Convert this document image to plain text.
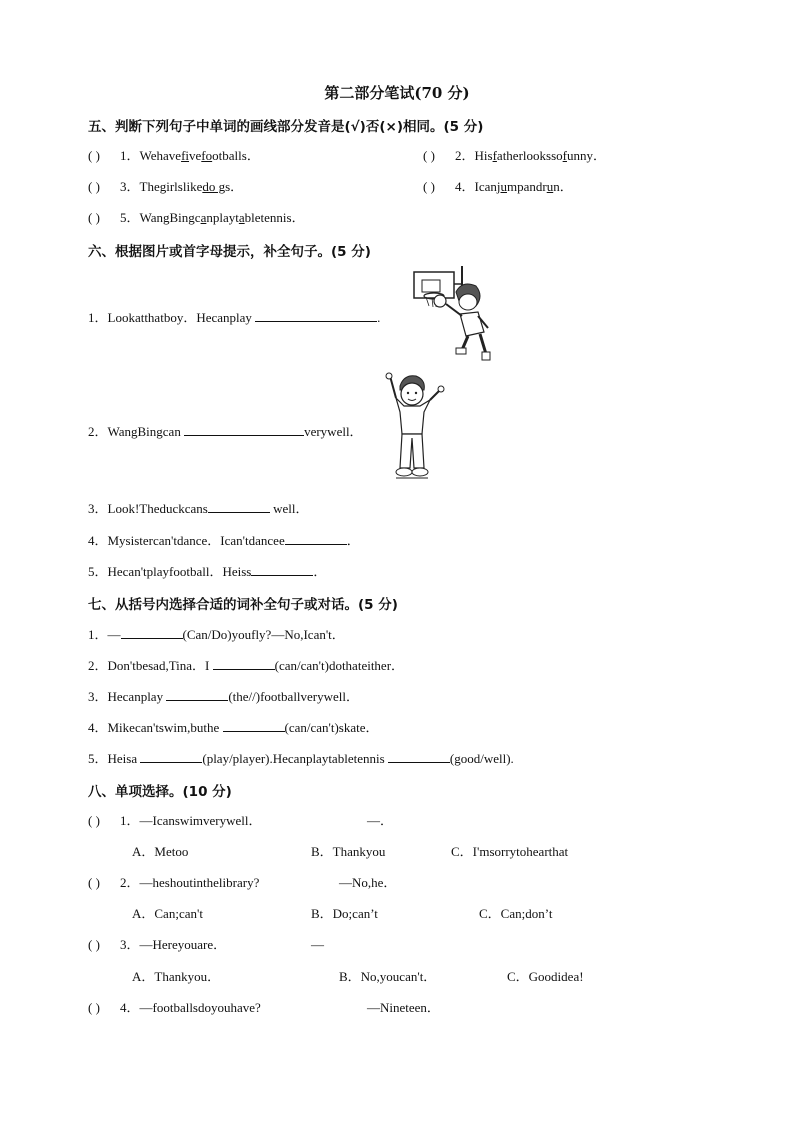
第二部分笔试(70 分)
五、判断下列句子中单词的画线部分发音是(√)否(×)相同。(5 分)
( ) 1．Wehavefivefootballs．	( ) 2．Hisfatherlookssofunny．
( ) 3．Thegirlslikedo gs．	( ) 4．Icanjumpandrun．
( ) 5．WangBingcanplaytabletennis．
六、根据图片或首字母提示，补全句子。(5 分)
1．Lookatthatboy．Hecanplay	.
2．WangBingcan	verywell．
3．Look!Theduckcans	well．
4．Mysistercan'tdance．Ican'tdancee	．
5．Hecan'tplayfootball．Heiss	．
七、从括号内选择合适的词补全句子或对话。(5 分)
1．—	(Can/Do)youfly?—No,Ican't．
2．Don'tbesad,Tina．I	(can/can't)dothateither．
3．Hecanplay	(the//)footballverywell．
4．Mikecan'tswim,buthe	(can/can't)skate．
5．Heisa	(play/player).Hecanplaytabletennis	(good/well).
八、单项选择。(10 分)
( ) 1．—Icanswimverywell．	—．
A．Metoo	B．Thankyou	C．I'msorrytohearthat
( ) 2．—heshoutinthelibrary?	—No,he．
A．Can;can't	B．Do;can’t	C．Can;don’t
( ) 3．—Hereyouare．	—
A．Thankyou．	B．No,youcan't．	C．Goodidea!
( ) 4．—footballsdoyouhave?	—Nineteen．
